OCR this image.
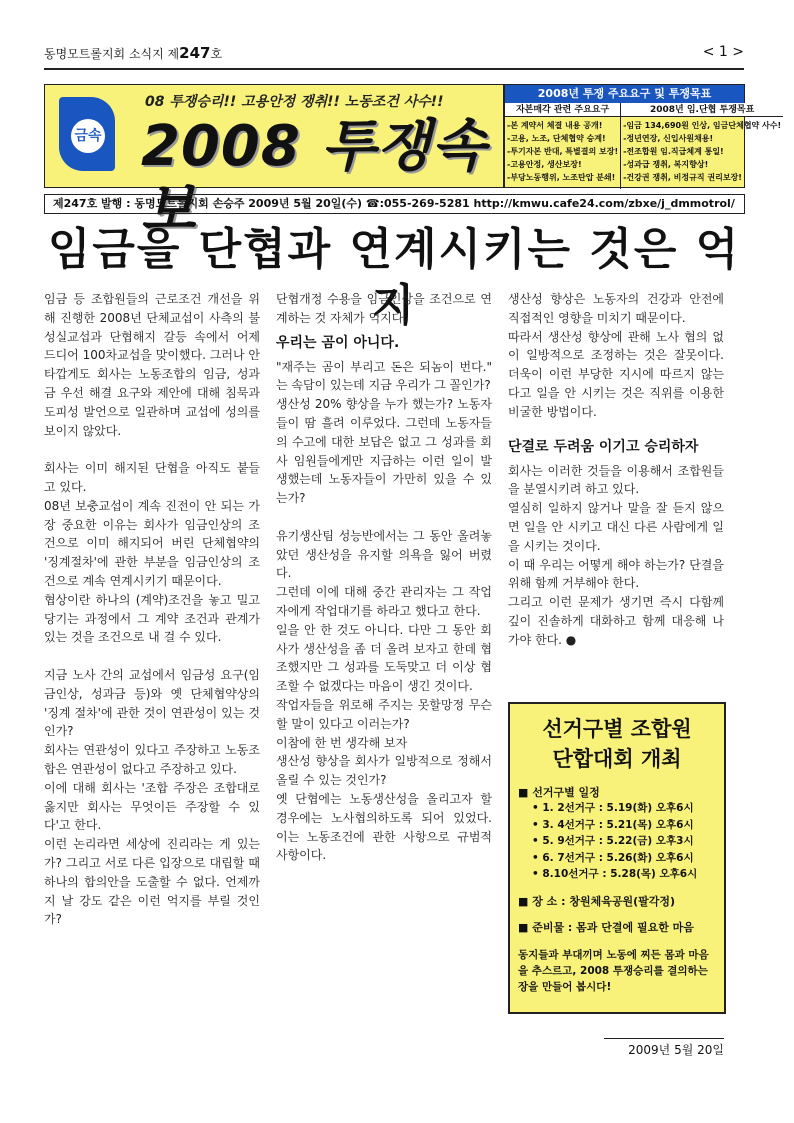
동명모트롤지회 소식지 제247호	< 1 >
금속
08 투쟁승리!! 고용안정 쟁취!! 노동조건 사수!!
2008 투쟁속보
2008년 투쟁 주요요구 및 투쟁목표
자본매각 관련 주요요구
-본 계약서 체결 내용 공개!
-고용, 노조, 단체협약 승계!
-투기자본 반대, 특별결의 보장!
-고용안정, 생산보장!
-부당노동행위, 노조탄압 분쇄!
2008년 임.단협 투쟁목표
-임금 134,690원 인상, 임금단체협약 사수!
-정년연장, 신입사원채용!
-전조합원 임.직급체계 통일!
-성과급 쟁취, 복지향상!
-건강권 쟁취, 비정규직 권리보장!
제247호 발행 : 동명모트롤지회 손승주 2009년 5월 20일(수) ☎:055-269-5281 http://kmwu.cafe24.com/zbxe/j_dmmotrol/
임금을 단협과 연계시키는 것은 억지

임금 등 조합원들의 근로조건 개선을 위해 진행한 2008년 단체교섭이 사측의 불성실교섭과 단협해지 갈등 속에서 어제 드디어 100차교섭을 맞이했다. 그러나 안타깝게도 회사는 노동조합의 임금, 성과금 우선 해결 요구와 제안에 대해 침묵과 도피성 발언으로 일관하며 교섭에 성의를 보이지 않았다.

회사는 이미 해지된 단협을 아직도 붙들고 있다.

08년 보충교섭이 계속 진전이 안 되는 가장 중요한 이유는 회사가 임금인상의 조건으로 이미 해지되어 버린 단체협약의 '징계절차'에 관한 부분을 임금인상의 조건으로 계속 연계시키기 때문이다.

협상이란 하나의 (계약)조건을 놓고 밀고 당기는 과정에서 그 계약 조건과 관계가 있는 것을 조건으로 내 걸 수 있다.

지금 노사 간의 교섭에서 임금성 요구(임금인상, 성과금 등)와 옛 단체협약상의 '징계 절차'에 관한 것이 연관성이 있는 것인가?

회사는 연관성이 있다고 주장하고 노동조합은 연관성이 없다고 주장하고 있다.

이에 대해 회사는 '조합 주장은 조합대로 옳지만 회사는 무엇이든 주장할 수 있다'고 한다.

이런 논리라면 세상에 진리라는 게 있는가? 그리고 서로 다른 입장으로 대립할 때 하나의 합의안을 도출할 수 없다. 언제까지 날 강도 같은 이런 억지를 부릴 것인가?

단협개정 수용을 임금인상을 조건으로 연계하는 것 자체가 억지다.

우리는 곰이 아니다.

"재주는 곰이 부리고 돈은 되놈이 번다." 는 속담이 있는데 지금 우리가 그 꼴인가?

생산성 20% 향상을 누가 했는가? 노동자들이 땀 흘려 이루었다. 그런데 노동자들의 수고에 대한 보답은 없고 그 성과를 회사 임원들에게만 지급하는 이런 일이 발생했는데 노동자들이 가만히 있을 수 있는가?

유기생산팀 성능반에서는 그 동안 올려놓았던 생산성을 유지할 의욕을 잃어 버렸다.

그런데 이에 대해 중간 관리자는 그 작업자에게 작업대기를 하라고 했다고 한다.

일을 안 한 것도 아니다. 다만 그 동안 회사가 생산성을 좀 더 올려 보자고 한데 협조했지만 그 성과를 도둑맞고 더 이상 협조할 수 없겠다는 마음이 생긴 것이다.

작업자들을 위로해 주지는 못할망정 무슨 할 말이 있다고 이러는가?

이참에 한 번 생각해 보자

생산성 향상을 회사가 일방적으로 정해서 올릴 수 있는 것인가?

옛 단협에는 노동생산성을 올리고자 할 경우에는 노사협의하도록 되어 있었다. 이는 노동조건에 관한 사항으로 규범적 사항이다.

생산성 향상은 노동자의 건강과 안전에 직접적인 영향을 미치기 때문이다.

따라서 생산성 향상에 관해 노사 협의 없이 일방적으로 조정하는 것은 잘못이다. 더욱이 이런 부당한 지시에 따르지 않는다고 일을 안 시키는 것은 직위를 이용한 비굴한 방법이다.

단결로 두려움 이기고 승리하자

회사는 이러한 것들을 이용해서 조합원들을 분열시키려 하고 있다.

열심히 일하지 않거나 말을 잘 듣지 않으면 일을 안 시키고 대신 다른 사람에게 일을 시키는 것이다.

이 때 우리는 어떻게 해야 하는가? 단결을 위해 함께 거부해야 한다.

그리고 이런 문제가 생기면 즉시 다함께 깊이 진솔하게 대화하고 함께 대응해 나가야 한다. ●

선거구별 조합원
단합대회 개최
■ 선거구별 일정
• 1. 2선거구 : 5.19(화) 오후6시
• 3. 4선거구 : 5.21(목) 오후6시
• 5. 9선거구 : 5.22(금) 오후3시
• 6. 7선거구 : 5.26(화) 오후6시
• 8.10선거구 : 5.28(목) 오후6시
■ 장 소 : 창원체육공원(팔각정)
■ 준비물 : 몸과 단결에 필요한 마음
동지들과 부대끼며 노동에 찌든 몸과 마음을 추스르고, 2008 투쟁승리를 결의하는 장을 만들어 봅시다!
2009년 5월 20일
